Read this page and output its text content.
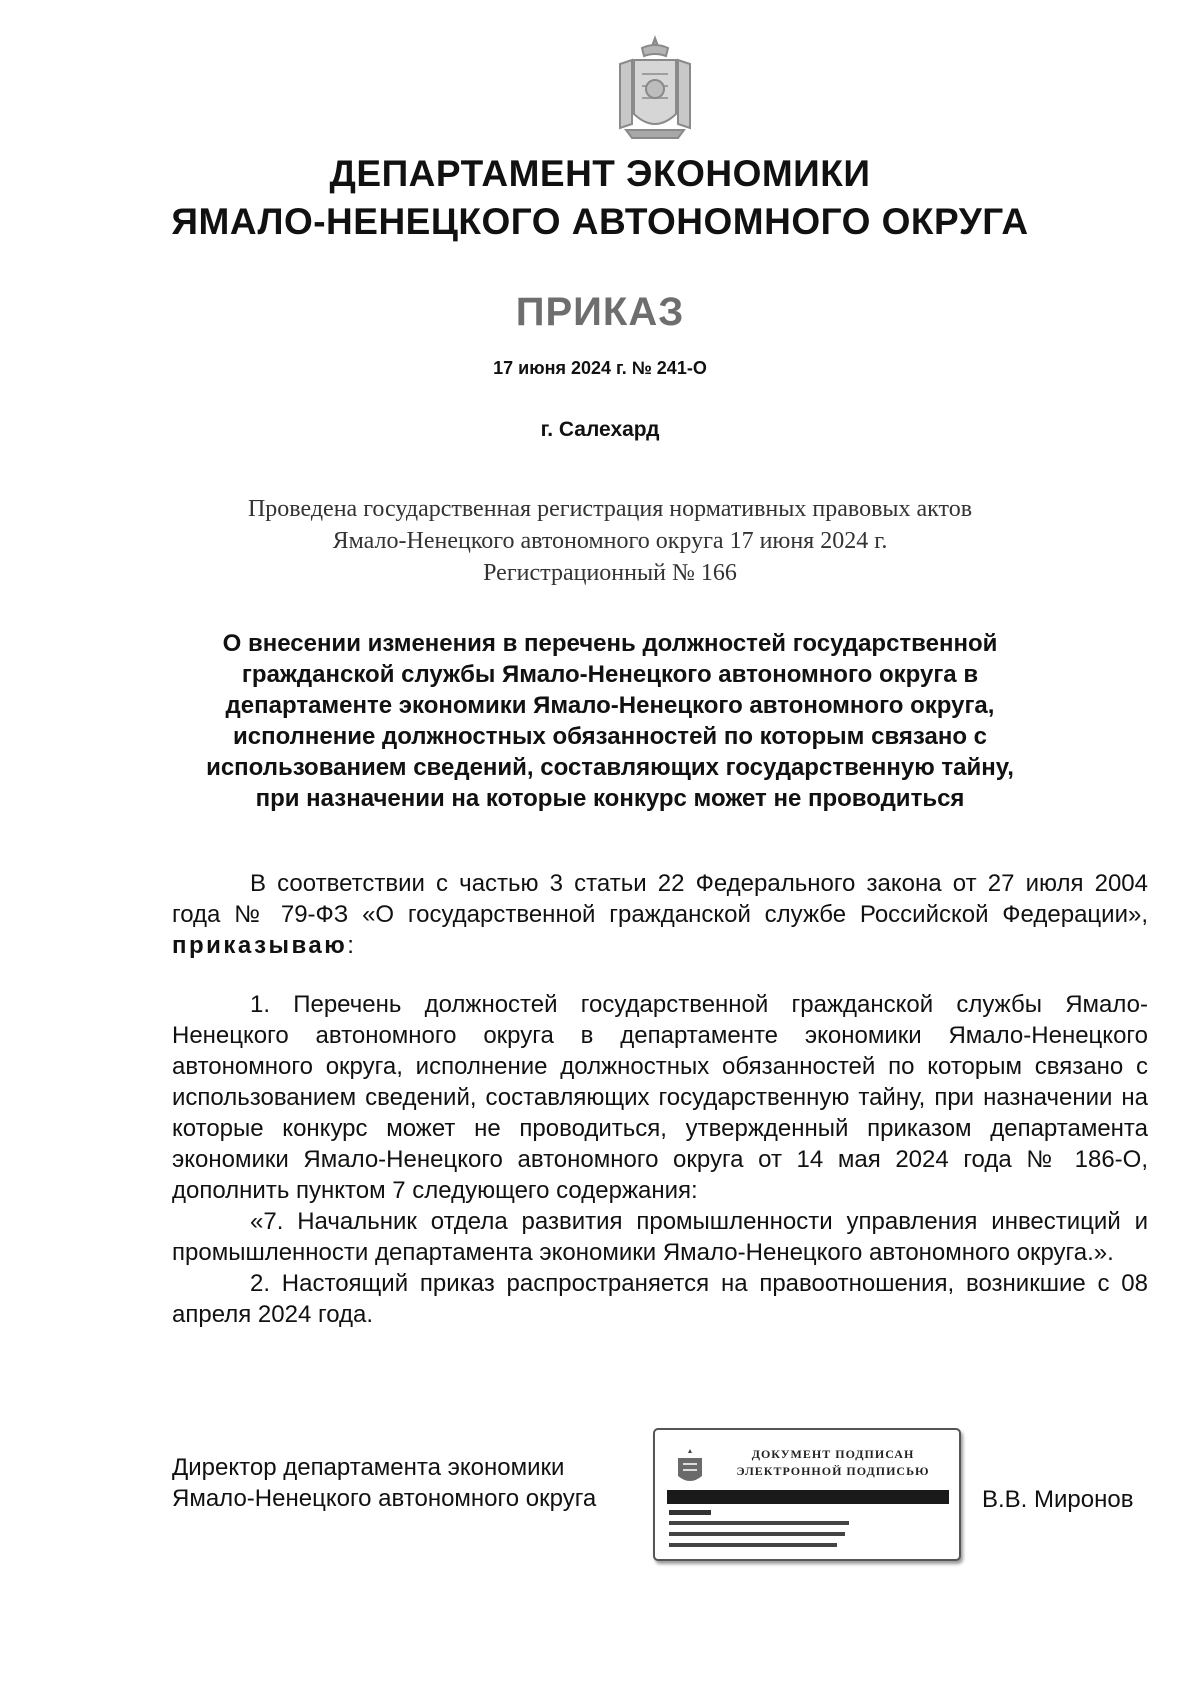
ДЕПАРТАМЕНТ ЭКОНОМИКИ
ЯМАЛО-НЕНЕЦКОГО АВТОНОМНОГО ОКРУГА
ПРИКАЗ
17 июня 2024 г. № 241-О
г. Салехард
Проведена государственная регистрация нормативных правовых актов
Ямало-Ненецкого автономного округа 17 июня 2024 г.
Регистрационный № 166
О внесении изменения в перечень должностей государственной
гражданской службы Ямало-Ненецкого автономного округа в
департаменте экономики Ямало-Ненецкого автономного округа,
исполнение должностных обязанностей по которым связано с
использованием сведений, составляющих государственную тайну,
при назначении на которые конкурс может не проводиться

В соответствии с частью 3 статьи 22 Федерального закона от 27 июля 2004 года № 79-ФЗ «О государственной гражданской службе Российской Федерации», приказываю:

1. Перечень должностей государственной гражданской службы Ямало-Ненецкого автономного округа в департаменте экономики Ямало-Ненецкого автономного округа, исполнение должностных обязанностей по которым связано с использованием сведений, составляющих государственную тайну, при назначении на которые конкурс может не проводиться, утвержденный приказом департамента экономики Ямало-Ненецкого автономного округа от 14 мая 2024 года № 186-О, дополнить пунктом 7 следующего содержания:

«7. Начальник отдела развития промышленности управления инвестиций и промышленности департамента экономики Ямало-Ненецкого автономного округа.».

2. Настоящий приказ распространяется на правоотношения, возникшие с 08 апреля 2024 года.

Директор департамента экономики
Ямало-Ненецкого автономного округа
ДОКУМЕНТ ПОДПИСАН
ЭЛЕКТРОННОЙ ПОДПИСЬЮ
В.В. Миронов
